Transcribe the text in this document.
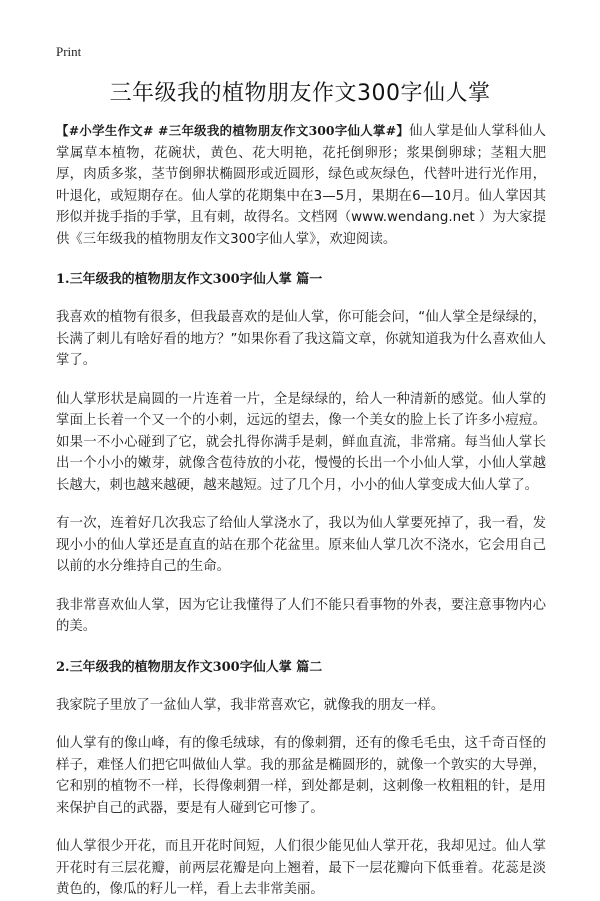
Print
三年级我的植物朋友作文300字仙人掌

【#小学生作文# #三年级我的植物朋友作文300字仙人掌#】仙人掌是仙人掌科仙人掌属草本植物，花碗状，黄色、花大明艳，花托倒卵形；浆果倒卵球；茎粗大肥厚，肉质多浆，茎节倒卵状椭圆形或近圆形，绿色或灰绿色，代替叶进行光作用，叶退化，或短期存在。仙人掌的花期集中在3—5月，果期在6—10月。仙人掌因其形似并拢手指的手掌，且有刺，故得名。文档网（www.wendang.net ）为大家提供《三年级我的植物朋友作文300字仙人掌》，欢迎阅读。

1.三年级我的植物朋友作文300字仙人掌 篇一

我喜欢的植物有很多，但我最喜欢的是仙人掌，你可能会问，“仙人掌全是绿绿的，长满了刺儿有啥好看的地方？”如果你看了我这篇文章，你就知道我为什么喜欢仙人掌了。

仙人掌形状是扁圆的一片连着一片，全是绿绿的，给人一种清新的感觉。仙人掌的掌面上长着一个又一个的小刺，远远的望去，像一个美女的脸上长了许多小痘痘。如果一不小心碰到了它，就会扎得你满手是刺，鲜血直流，非常痛。每当仙人掌长出一个小小的嫩芽，就像含苞待放的小花，慢慢的长出一个小仙人掌，小仙人掌越长越大，刺也越来越硬，越来越短。过了几个月，小小的仙人掌变成大仙人掌了。

有一次，连着好几次我忘了给仙人掌浇水了，我以为仙人掌要死掉了，我一看，发现小小的仙人掌还是直直的站在那个花盆里。原来仙人掌几次不浇水，它会用自己以前的水分维持自己的生命。

我非常喜欢仙人掌，因为它让我懂得了人们不能只看事物的外表，要注意事物内心的美。

2.三年级我的植物朋友作文300字仙人掌 篇二

我家院子里放了一盆仙人掌，我非常喜欢它，就像我的朋友一样。

仙人掌有的像山峰，有的像毛绒球，有的像刺猬，还有的像毛毛虫，这千奇百怪的样子，难怪人们把它叫做仙人掌。我的那盆是椭圆形的，就像一个敦实的大导弹，它和别的植物不一样，长得像刺猬一样，到处都是刺，这刺像一枚粗粗的针，是用来保护自己的武器，要是有人碰到它可惨了。

仙人掌很少开花，而且开花时间短，人们很少能见仙人掌开花，我却见过。仙人掌开花时有三层花瓣，前两层花瓣是向上翘着，最下一层花瓣向下低垂着。花蕊是淡黄色的，像瓜的籽儿一样，看上去非常美丽。
